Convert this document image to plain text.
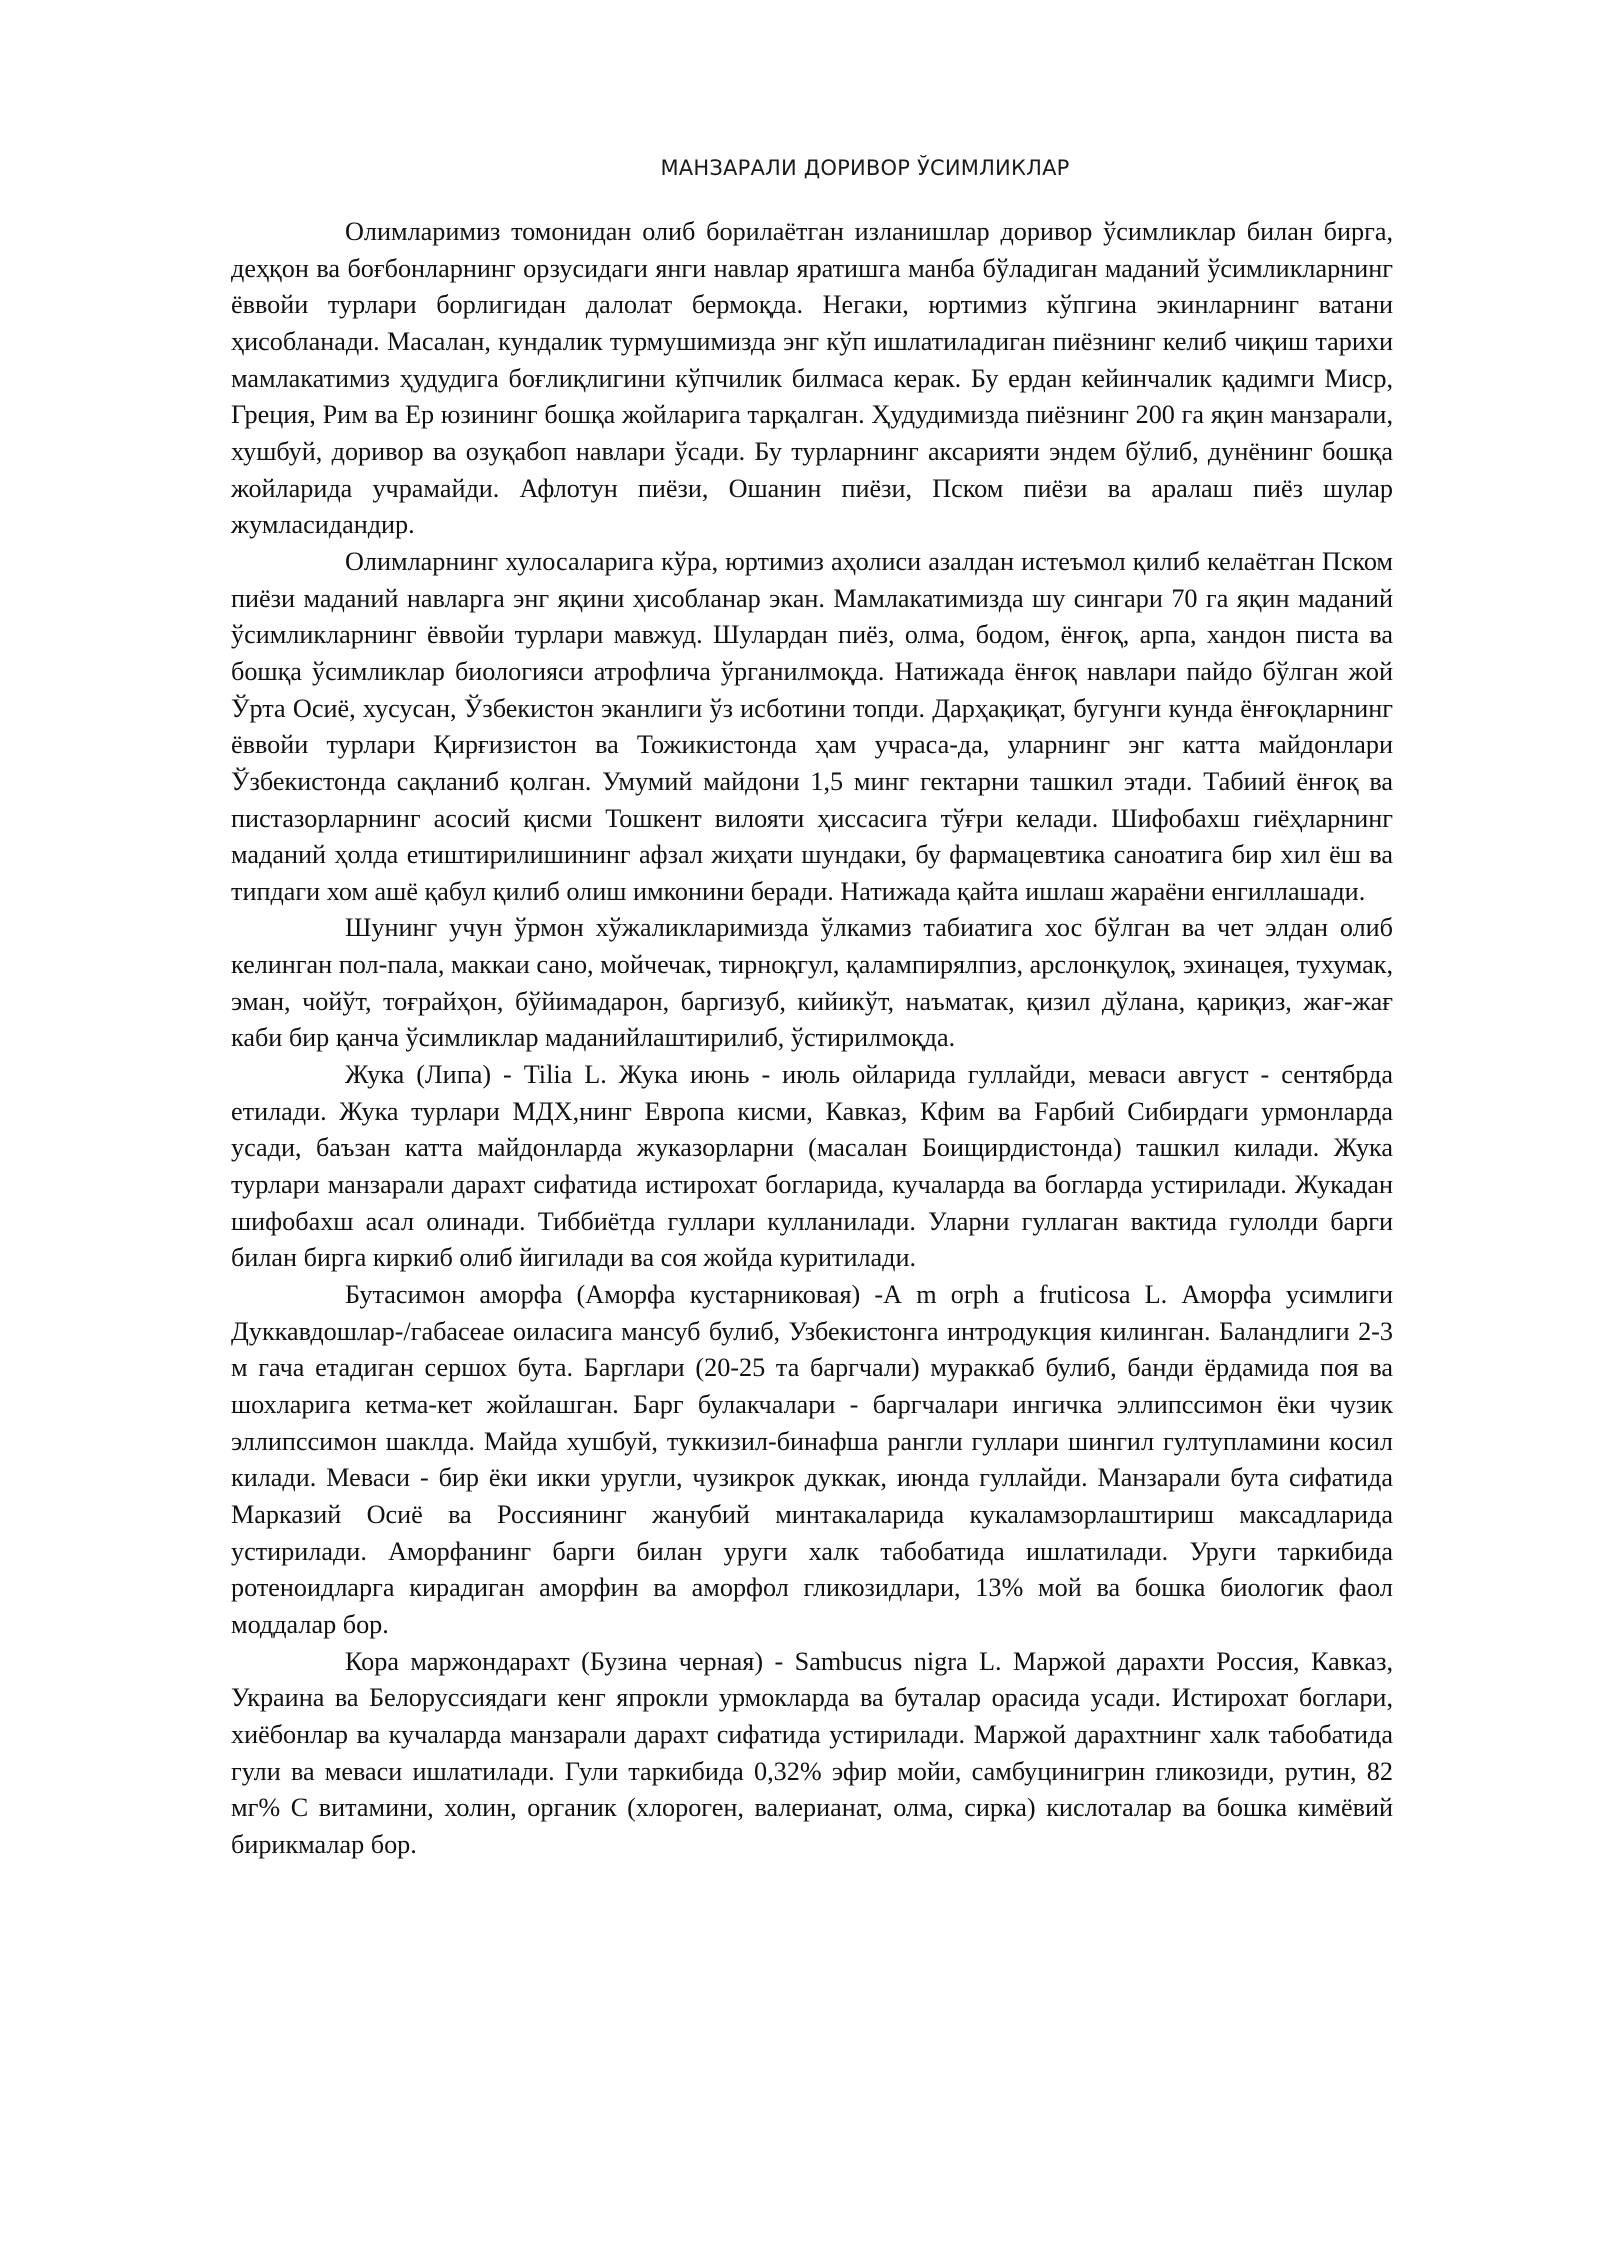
МАНЗАРАЛИ ДОРИВОР ЎСИМЛИКЛАР

Олимларимиз томонидан олиб борилаётган изланишлар доривор ўсимликлар билан бирга, деҳқон ва боғбонларнинг орзусидаги янги навлар яратишга манба бўладиган маданий ўсимликларнинг ёввойи турлари борлигидан далолат бермоқда. Негаки, юртимиз кўпгина экинларнинг ватани ҳисобланади. Масалан, кундалик турмушимизда энг кўп ишлатиладиган пиёзнинг келиб чиқиш тарихи мамлакатимиз ҳудудига боғлиқлигини кўпчилик билмаса керак. Бу ердан кейинчалик қадимги Миср, Греция, Рим ва Ер юзининг бошқа жойларига тарқалган. Ҳудудимизда пиёзнинг 200 га яқин манзарали, хушбуй, доривор ва озуқабоп навлари ўсади. Бу турларнинг аксарияти эндем бўлиб, дунёнинг бошқа жойларида учрамайди. Афлотун пиёзи, Ошанин пиёзи, Пском пиёзи ва аралаш пиёз шулар жумласидандир.

Олимларнинг хулосаларига кўра, юртимиз аҳолиси азалдан истеъмол қилиб келаётган Пском пиёзи маданий навларга энг яқини ҳисобланар экан. Мамлакатимизда шу сингари 70 га яқин маданий ўсимликларнинг ёввойи турлари мавжуд. Шулардан пиёз, олма, бодом, ёнғоқ, арпа, хандон писта ва бошқа ўсимликлар биологияси атрофлича ўрганилмоқда. Натижада ёнғоқ навлари пайдо бўлган жой Ўрта Осиё, хусусан, Ўзбекистон эканлиги ўз исботини топди. Дарҳақиқат, бугунги кунда ёнғоқларнинг ёввойи турлари Қирғизистон ва Тожикистонда ҳам учраса-да, уларнинг энг катта майдонлари Ўзбекистонда сақланиб қолган. Умумий майдони 1,5 минг гектарни ташкил этади. Табиий ёнғоқ ва пистазорларнинг асосий қисми Тошкент вилояти ҳиссасига тўғри келади. Шифобахш гиёҳларнинг маданий ҳолда етиштирилишининг афзал жиҳати шундаки, бу фармацевтика саноатига бир хил ёш ва типдаги хом ашё қабул қилиб олиш имконини беради. Натижада қайта ишлаш жараёни енгиллашади.

Шунинг учун ўрмон хўжаликларимизда ўлкамиз табиатига хос бўлган ва чет элдан олиб келинган пол-пала, маккаи сано, мойчечак, тирноқгул, қалампирялпиз, арслонқулоқ, эхинацея, тухумак, эман, чойўт, тоғрайҳон, бўйимадарон, баргизуб, кийикўт, наъматак, қизил дўлана, қариқиз, жағ-жағ каби бир қанча ўсимликлар маданийлаштирилиб, ўстирилмоқда.

Жука (Липа) - Tilia L. Жука июнь - июль ойларида гуллайди, меваси август - сентябрда етилади. Жука турлари МДХ,нинг Европа кисми, Кавказ, Кфим ва Fарбий Сибирдаги урмонларда усади, баъзан катта майдонларда жуказорларни (масалан Боищирдистонда) ташкил килади. Жука турлари манзарали дарахт сифатида истирохат богларида, кучаларда ва богларда устирилади. Жукадан шифобахш асал олинади. Тиббиётда гуллари кулланилади. Уларни гуллаган вактида гулолди барги билан бирга киркиб олиб йигилади ва соя жойда куритилади.

Бутасимон аморфа (Аморфа кустарниковая) -А m orph a fruticosa L. Аморфа усимлиги Дуккавдошлар-/гaбaceae оиласига мансуб булиб, Узбекистонга интродукция килинган. Баландлиги 2-3 м гача етадиган сершох бута. Барглари (20-25 та баргчали) мураккаб булиб, банди ёрдамида поя ва шохларига кетма-кет жойлашган. Барг булакчалари - баргчалари ингичка эллипссимон ёки чузик эллипссимон шаклда. Майда хушбуй, туккизил-бинафша рангли гуллари шингил гултупламини косил килади. Меваси - бир ёки икки уругли, чузикрок дуккак, июнда гуллайди. Манзарали бута сифатида Марказий Осиё ва Россиянинг жанубий минтакаларида кукаламзорлаштириш максадларида устирилади. Аморфанинг барги билан уруги халк табобатида ишлатилади. Уруги таркибида ротеноидларга кирадиган аморфин ва аморфол гликозидлари, 13% мой ва бошка биологик фаол моддалар бор.

Кора маржондарахт (Бузина черная) - Sambucus nigra L. Маржой дарахти Россия, Кавказ, Украина ва Белоруссиядаги кенг япрокли урмокларда ва буталар орасида усади. Истирохат боглари, хиёбонлар ва кучаларда манзарали дарахт сифатида устирилади. Маржой дарахтнинг халк табобатида гули ва меваси ишлатилади. Гули таркибида 0,32% эфир мойи, самбуцинигрин гликозиди, рутин, 82 мг% С витамини, холин, органик (хлороген, валерианат, олма, сирка) кислоталар ва бошка кимёвий бирикмалар бор.
